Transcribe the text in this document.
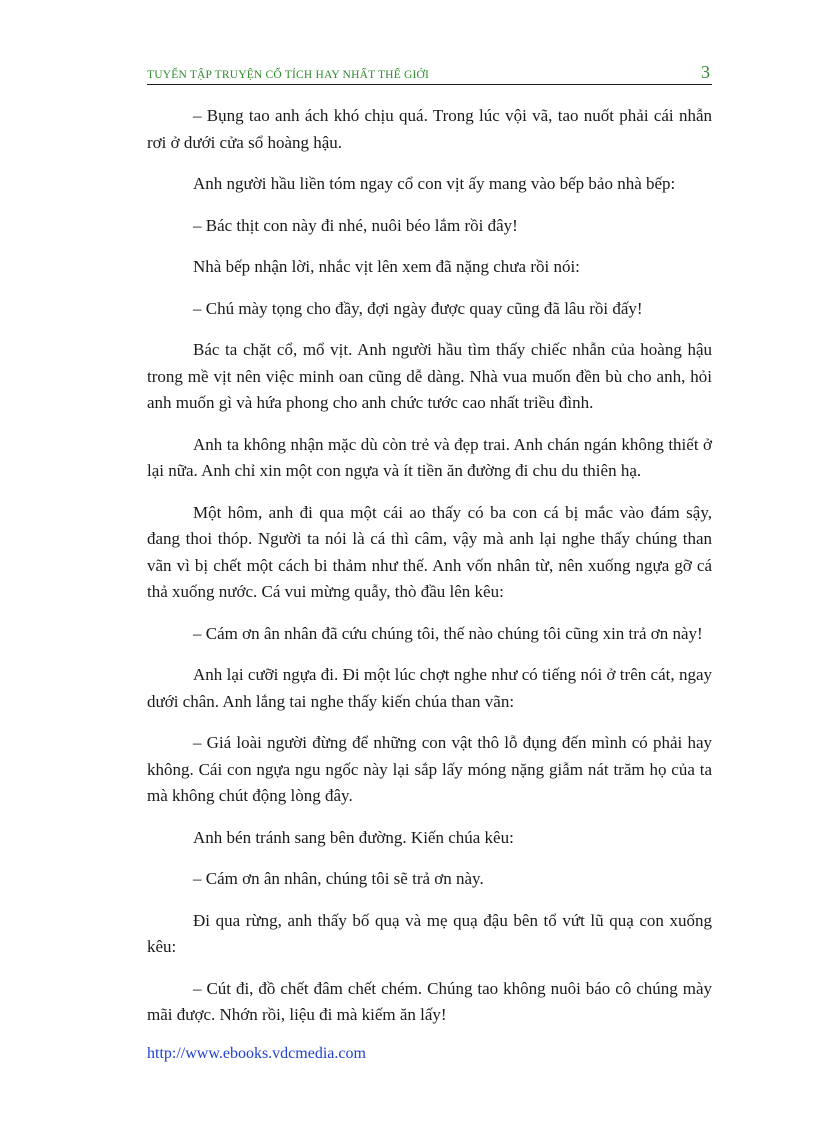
TUYỂN TẬP TRUYỆN CỔ TÍCH HAY NHẤT THẾ GIỚI	3

– Bụng tao anh ách khó chịu quá. Trong lúc vội vã, tao nuốt phải cái nhẫn rơi ở dưới cửa sổ hoàng hậu.

Anh người hầu liền tóm ngay cổ con vịt ấy mang vào bếp bảo nhà bếp:

– Bác thịt con này đi nhé, nuôi béo lắm rồi đây!

Nhà bếp nhận lời, nhắc vịt lên xem đã nặng chưa rồi nói:

– Chú mày tọng cho đầy, đợi ngày được quay cũng đã lâu rồi đấy!

Bác ta chặt cổ, mổ vịt. Anh người hầu tìm thấy chiếc nhẫn của hoàng hậu trong mề vịt nên việc minh oan cũng dễ dàng. Nhà vua muốn đền bù cho anh, hỏi anh muốn gì và hứa phong cho anh chức tước cao nhất triều đình.

Anh ta không nhận mặc dù còn trẻ và đẹp trai. Anh chán ngán không thiết ở lại nữa. Anh chỉ xin một con ngựa và ít tiền ăn đường đi chu du thiên hạ.

Một hôm, anh đi qua một cái ao thấy có ba con cá bị mắc vào đám sậy, đang thoi thóp. Người ta nói là cá thì câm, vậy mà anh lại nghe thấy chúng than vãn vì bị chết một cách bi thảm như thế. Anh vốn nhân từ, nên xuống ngựa gỡ cá thả xuống nước. Cá vui mừng quẫy, thò đầu lên kêu:

– Cám ơn ân nhân đã cứu chúng tôi, thế nào chúng tôi cũng xin trả ơn này!

Anh lại cưỡi ngựa đi. Đi một lúc chợt nghe như có tiếng nói ở trên cát, ngay dưới chân. Anh lắng tai nghe thấy kiến chúa than vãn:

– Giá loài người đừng để những con vật thô lỗ đụng đến mình có phải hay không. Cái con ngựa ngu ngốc này lại sắp lấy móng nặng giẫm nát trăm họ của ta mà không chút động lòng đây.

Anh bén tránh sang bên đường. Kiến chúa kêu:

– Cám ơn ân nhân, chúng tôi sẽ trả ơn này.

Đi qua rừng, anh thấy bố quạ và mẹ quạ đậu bên tổ vứt lũ quạ con xuống kêu:

– Cút đi, đồ chết đâm chết chém. Chúng tao không nuôi báo cô chúng mày mãi được. Nhớn rồi, liệu đi mà kiếm ăn lấy!

http://www.ebooks.vdcmedia.com
